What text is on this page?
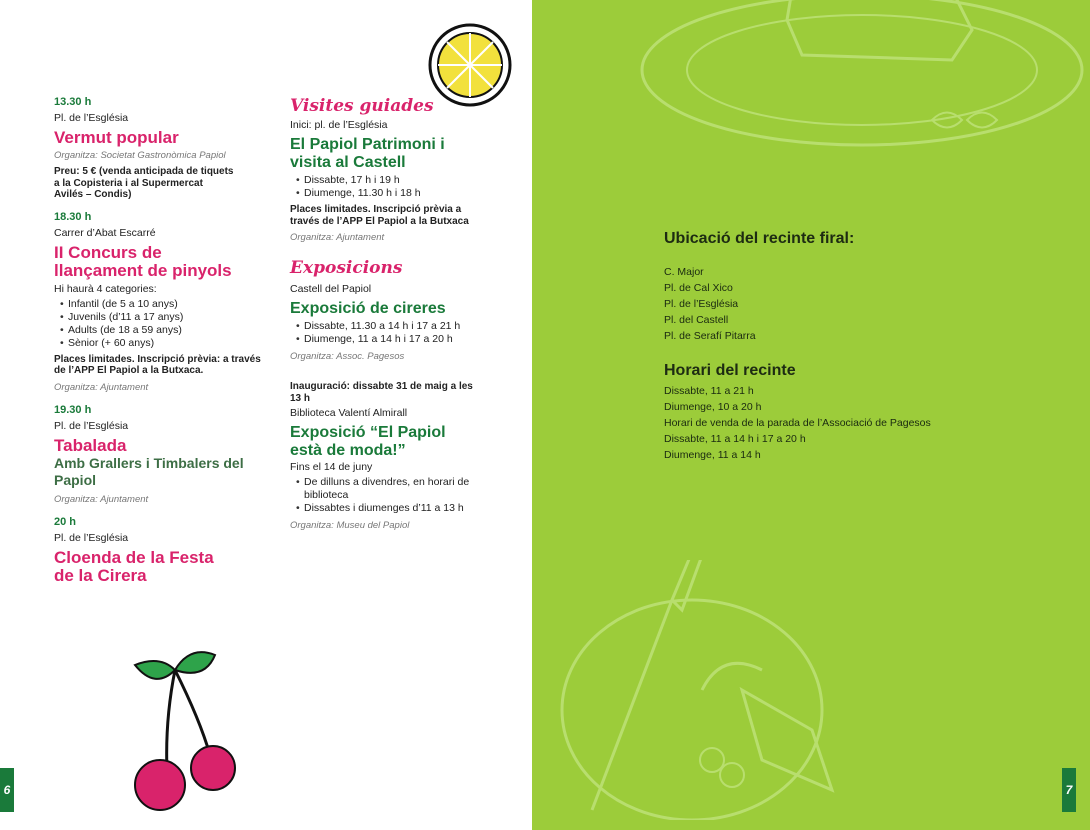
13.30 h
Pl. de l’Església
Vermut popular
Organitza: Societat Gastronòmica Papiol
Preu: 5 € (venda anticipada de tiquets a la Copisteria i al Supermercat Avilés – Condis)
18.30 h
Carrer d’Abat Escarré
II Concurs de llançament de pinyols
Hi haurà 4 categories:
• Infantil (de 5 a 10 anys)
• Juvenils (d’11 a 17 anys)
• Adults (de 18 a 59 anys)
• Sènior (+ 60 anys)
Places limitades. Inscripció prèvia: a través de l’APP El Papiol a la Butxaca.
Organitza: Ajuntament
19.30 h
Pl. de l’Església
Tabalada
Amb Grallers i Timbalers del Papiol
Organitza: Ajuntament
20 h
Pl. de l’Església
Cloenda de la Festa de la Cirera
Visites guiades
Inici: pl. de l’Església
El Papiol Patrimoni i visita al Castell
• Dissabte, 17 h i 19 h
• Diumenge, 11.30 h i 18 h
Places limitades. Inscripció prèvia a través de l’APP El Papiol a la Butxaca
Organitza: Ajuntament
Exposicions
Castell del Papiol
Exposició de cireres
• Dissabte, 11.30 a 14 h i 17 a 21 h
• Diumenge, 11 a 14 h i 17 a 20 h
Organitza: Assoc. Pagesos
Inauguració: dissabte 31 de maig a les 13 h
Biblioteca Valentí Almirall
Exposició “El Papiol està de moda!”
Fins el 14 de juny
• De dilluns a divendres, en horari de biblioteca
• Dissabtes i diumenges d’11 a 13 h
Organitza: Museu del Papiol
Ubicació del recinte firal:
C. Major
Pl. de Cal Xico
Pl. de l’Església
Pl. del Castell
Pl. de Serafí Pitarra
Horari del recinte
Dissabte, 11 a 21 h
Diumenge, 10 a 20 h
Horari de venda de la parada de l’Associació de Pagesos
Dissabte, 11 a 14 h i 17 a 20 h
Diumenge, 11 a 14 h
6	7
